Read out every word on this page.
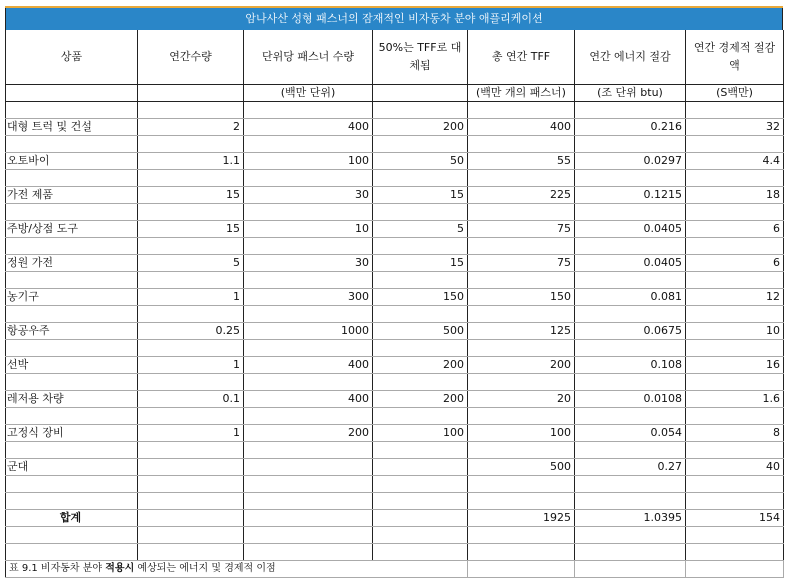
암나사산 성형 패스너의 잠재적인 비자동차 분야 애플리케이션
상품	연간수량	단위당 패스너 수량	50%는 TFF로 대체됨	총 연간 TFF	연간 에너지 절감	연간 경제적 절감액
		(백만 단위)		(백만 개의 패스너)	(조 단위 btu)	(S백만)

대형 트럭 및 건설	2	400	200	400	0.216	32

오토바이	1.1	100	50	55	0.0297	4.4

가전 제품	15	30	15	225	0.1215	18

주방/상점 도구	15	10	5	75	0.0405	6

정원 가전	5	30	15	75	0.0405	6

농기구	1	300	150	150	0.081	12

항공우주	0.25	1000	500	125	0.0675	10

선박	1	400	200	200	0.108	16

레저용 차량	0.1	400	200	20	0.0108	1.6

고정식 장비	1	200	100	100	0.054	8

군대				500	0.27	40

합계				1925	1.0395	154

표 9.1 비자동차 분야 적용시 예상되는 에너지 및 경제적 이점						
